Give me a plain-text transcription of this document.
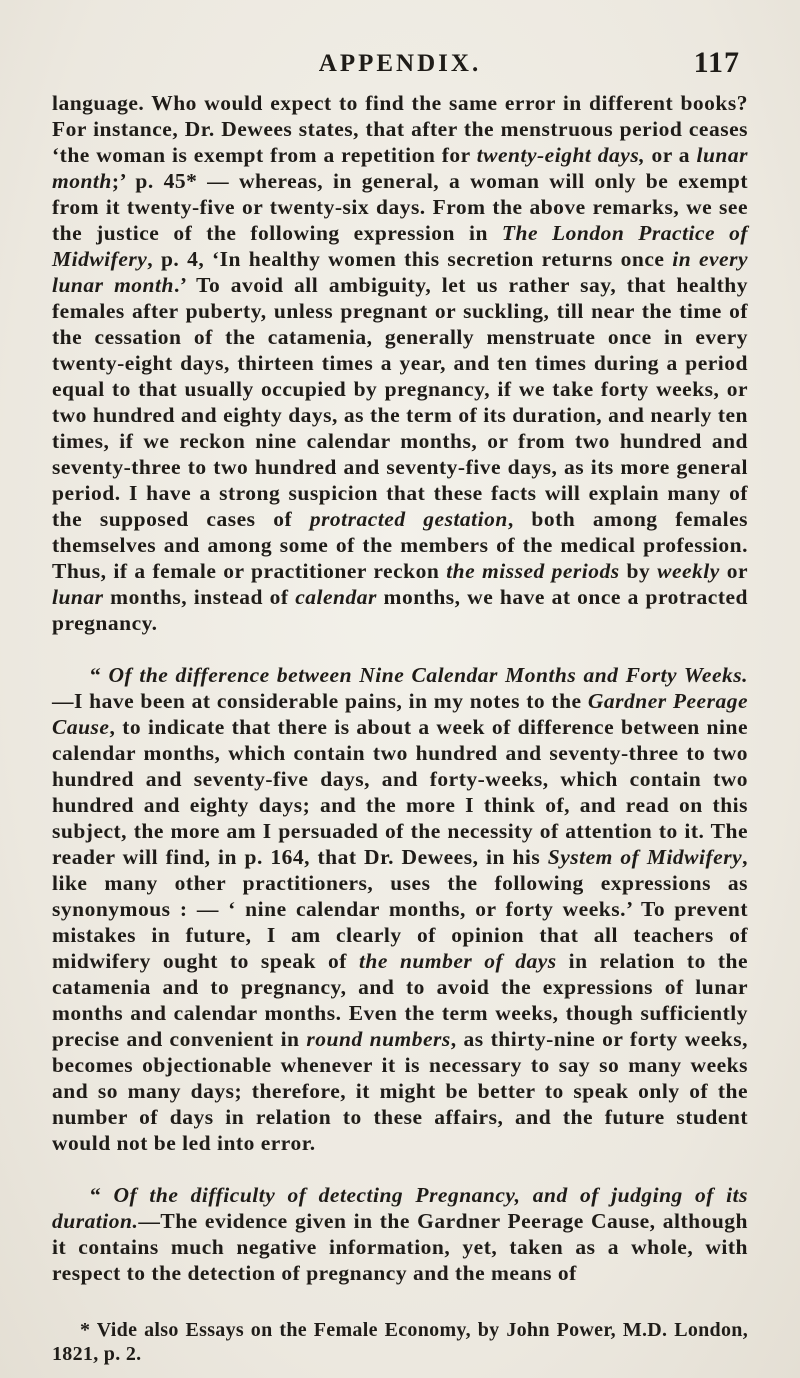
APPENDIX.	117

language. Who would expect to find the same error in different books? For instance, Dr. Dewees states, that after the menstruous period ceases ‘the woman is exempt from a repetition for twenty-eight days, or a lunar month;’ p. 45* — whereas, in general, a woman will only be exempt from it twenty-five or twenty-six days. From the above remarks, we see the justice of the following expression in The London Practice of Midwifery, p. 4, ‘In healthy women this secretion returns once in every lunar month.’ To avoid all ambiguity, let us rather say, that healthy females after puberty, unless pregnant or suckling, till near the time of the cessation of the catamenia, generally menstruate once in every twenty-eight days, thirteen times a year, and ten times during a period equal to that usually occupied by pregnancy, if we take forty weeks, or two hundred and eighty days, as the term of its duration, and nearly ten times, if we reckon nine calendar months, or from two hundred and seventy-three to two hundred and seventy-five days, as its more general period. I have a strong suspicion that these facts will explain many of the supposed cases of protracted gestation, both among females themselves and among some of the members of the medical profession. Thus, if a female or practitioner reckon the missed periods by weekly or lunar months, instead of calendar months, we have at once a protracted pregnancy.

“ Of the difference between Nine Calendar Months and Forty Weeks.—I have been at considerable pains, in my notes to the Gardner Peerage Cause, to indicate that there is about a week of difference between nine calendar months, which contain two hundred and seventy-three to two hundred and seventy-five days, and forty-weeks, which contain two hundred and eighty days; and the more I think of, and read on this subject, the more am I persuaded of the necessity of attention to it. The reader will find, in p. 164, that Dr. Dewees, in his System of Midwifery, like many other practitioners, uses the following expressions as synonymous : — ‘ nine calendar months, or forty weeks.’ To prevent mistakes in future, I am clearly of opinion that all teachers of midwifery ought to speak of the number of days in relation to the catamenia and to pregnancy, and to avoid the expressions of lunar months and calendar months. Even the term weeks, though sufficiently precise and convenient in round numbers, as thirty-nine or forty weeks, becomes objectionable whenever it is necessary to say so many weeks and so many days; therefore, it might be better to speak only of the number of days in relation to these affairs, and the future student would not be led into error.

“ Of the difficulty of detecting Pregnancy, and of judging of its duration.—The evidence given in the Gardner Peerage Cause, although it contains much negative information, yet, taken as a whole, with respect to the detection of pregnancy and the means of

* Vide also Essays on the Female Economy, by John Power, M.D. London, 1821, p. 2.
